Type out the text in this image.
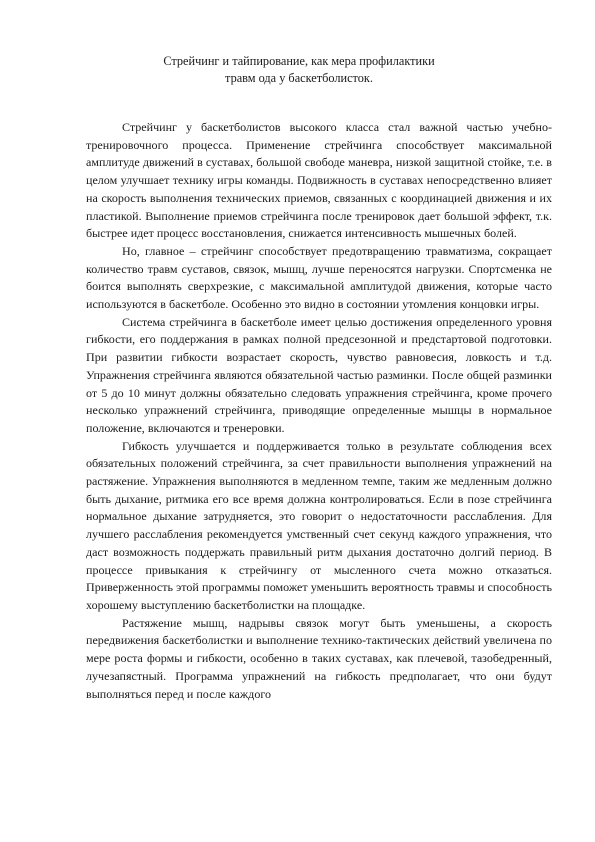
Стрейчинг и тайпирование, как мера профилактики
травм ода у баскетболисток.

Стрейчинг у баскетболистов высокого класса стал важной частью учебно- тренировочного процесса. Применение стрейчинга способствует максимальной амплитуде движений в суставах, большой свободе маневра, низкой защитной стойке, т.е. в целом улучшает технику игры команды. Подвижность в суставах непосредственно влияет на скорость выполнения технических приемов, связанных с координацией движения и их пластикой. Выполнение приемов стрейчинга после тренировок дает большой эффект, т.к. быстрее идет процесс восстановления, снижается интенсивность мышечных болей.

Но, главное – стрейчинг способствует предотвращению травматизма, сокращает количество травм суставов, связок, мышц, лучше переносятся нагрузки. Спортсменка не боится выполнять сверхрезкие, с максимальной амплитудой движения, которые часто используются в баскетболе. Особенно это видно в состоянии утомления концовки игры.

Система стрейчинга в баскетболе имеет целью достижения определенного уровня гибкости, его поддержания в рамках полной предсезонной и предстартовой подготовки. При развитии гибкости возрастает скорость, чувство равновесия, ловкость и т.д. Упражнения стрейчинга являются обязательной частью разминки. После общей разминки от 5 до 10 минут должны обязательно следовать упражнения стрейчинга, кроме прочего несколько упражнений стрейчинга, приводящие определенные мышцы в нормальное положение, включаются и тренеровки.

Гибкость улучшается и поддерживается только в результате соблюдения всех обязательных положений стрейчинга, за счет правильности выполнения упражнений на растяжение. Упражнения выполняются в медленном темпе, таким же медленным должно быть дыхание, ритмика его все время должна контролироваться. Если в позе стрейчинга нормальное дыхание затрудняется, это говорит о недостаточности расслабления. Для лучшего расслабления рекомендуется умственный счет секунд каждого упражнения, что даст возможность поддержать правильный ритм дыхания достаточно долгий период. В процессе привыкания к стрейчингу от мысленного счета можно отказаться. Приверженность этой программы поможет уменьшить вероятность травмы и способность хорошему выступлению баскетболистки на площадке.

Растяжение мышц, надрывы связок могут быть уменьшены, а скорость передвижения баскетболистки и выполнение технико-тактических действий увеличена по мере роста формы и гибкости, особенно в таких суставах, как плечевой, тазобедренный, лучезапястный. Программа упражнений на гибкость предполагает, что они будут выполняться перед и после каждого
